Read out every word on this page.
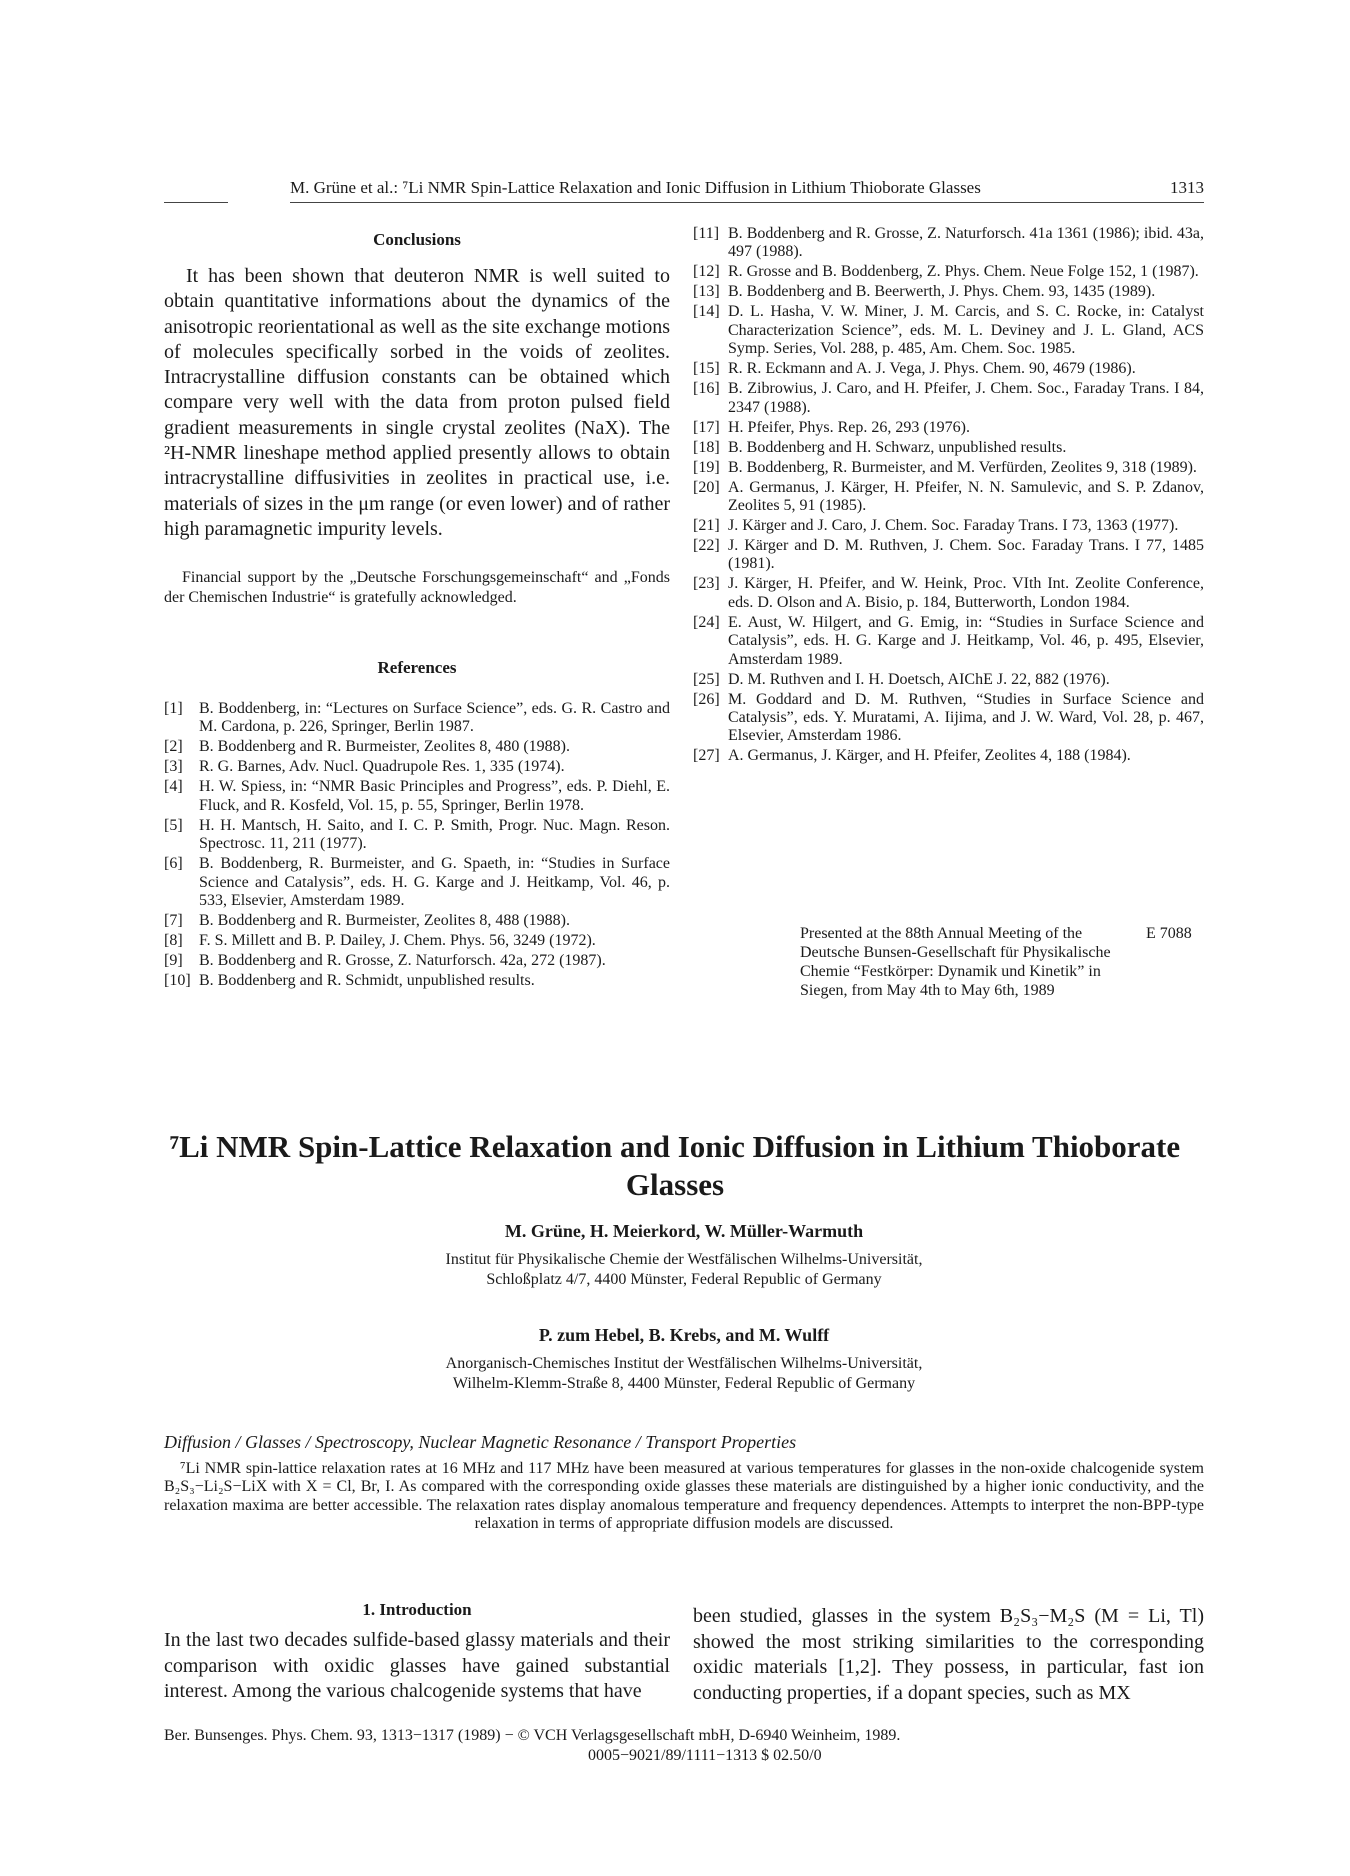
M. Grüne et al.: ⁷Li NMR Spin-Lattice Relaxation and Ionic Diffusion in Lithium Thioborate Glasses	1313
Conclusions

It has been shown that deuteron NMR is well suited to obtain quantitative informations about the dynamics of the anisotropic reorientational as well as the site exchange motions of molecules specifically sorbed in the voids of zeolites. Intracrystalline diffusion constants can be obtained which compare very well with the data from proton pulsed field gradient measurements in single crystal zeolites (NaX). The ²H-NMR lineshape method applied presently allows to obtain intracrystalline diffusivities in zeolites in practical use, i.e. materials of sizes in the μm range (or even lower) and of rather high paramagnetic impurity levels.

Financial support by the „Deutsche Forschungsgemeinschaft“ and „Fonds der Chemischen Industrie“ is gratefully acknowledged.

References

[1] B. Boddenberg, in: “Lectures on Surface Science”, eds. G. R. Castro and M. Cardona, p. 226, Springer, Berlin 1987.

[2] B. Boddenberg and R. Burmeister, Zeolites 8, 480 (1988).

[3] R. G. Barnes, Adv. Nucl. Quadrupole Res. 1, 335 (1974).

[4] H. W. Spiess, in: “NMR Basic Principles and Progress”, eds. P. Diehl, E. Fluck, and R. Kosfeld, Vol. 15, p. 55, Springer, Berlin 1978.

[5] H. H. Mantsch, H. Saito, and I. C. P. Smith, Progr. Nuc. Magn. Reson. Spectrosc. 11, 211 (1977).

[6] B. Boddenberg, R. Burmeister, and G. Spaeth, in: “Studies in Surface Science and Catalysis”, eds. H. G. Karge and J. Heitkamp, Vol. 46, p. 533, Elsevier, Amsterdam 1989.

[7] B. Boddenberg and R. Burmeister, Zeolites 8, 488 (1988).

[8] F. S. Millett and B. P. Dailey, J. Chem. Phys. 56, 3249 (1972).

[9] B. Boddenberg and R. Grosse, Z. Naturforsch. 42a, 272 (1987).

[10] B. Boddenberg and R. Schmidt, unpublished results.

[11] B. Boddenberg and R. Grosse, Z. Naturforsch. 41a 1361 (1986); ibid. 43a, 497 (1988).

[12] R. Grosse and B. Boddenberg, Z. Phys. Chem. Neue Folge 152, 1 (1987).

[13] B. Boddenberg and B. Beerwerth, J. Phys. Chem. 93, 1435 (1989).

[14] D. L. Hasha, V. W. Miner, J. M. Carcis, and S. C. Rocke, in: Catalyst Characterization Science”, eds. M. L. Deviney and J. L. Gland, ACS Symp. Series, Vol. 288, p. 485, Am. Chem. Soc. 1985.

[15] R. R. Eckmann and A. J. Vega, J. Phys. Chem. 90, 4679 (1986).

[16] B. Zibrowius, J. Caro, and H. Pfeifer, J. Chem. Soc., Faraday Trans. I 84, 2347 (1988).

[17] H. Pfeifer, Phys. Rep. 26, 293 (1976).

[18] B. Boddenberg and H. Schwarz, unpublished results.

[19] B. Boddenberg, R. Burmeister, and M. Verfürden, Zeolites 9, 318 (1989).

[20] A. Germanus, J. Kärger, H. Pfeifer, N. N. Samulevic, and S. P. Zdanov, Zeolites 5, 91 (1985).

[21] J. Kärger and J. Caro, J. Chem. Soc. Faraday Trans. I 73, 1363 (1977).

[22] J. Kärger and D. M. Ruthven, J. Chem. Soc. Faraday Trans. I 77, 1485 (1981).

[23] J. Kärger, H. Pfeifer, and W. Heink, Proc. VIth Int. Zeolite Conference, eds. D. Olson and A. Bisio, p. 184, Butterworth, London 1984.

[24] E. Aust, W. Hilgert, and G. Emig, in: “Studies in Surface Science and Catalysis”, eds. H. G. Karge and J. Heitkamp, Vol. 46, p. 495, Elsevier, Amsterdam 1989.

[25] D. M. Ruthven and I. H. Doetsch, AIChE J. 22, 882 (1976).

[26] M. Goddard and D. M. Ruthven, “Studies in Surface Science and Catalysis”, eds. Y. Muratami, A. Iijima, and J. W. Ward, Vol. 28, p. 467, Elsevier, Amsterdam 1986.

[27] A. Germanus, J. Kärger, and H. Pfeifer, Zeolites 4, 188 (1984).

Presented at the 88th Annual Meeting of the Deutsche Bunsen-Gesellschaft für Physikalische Chemie “Festkörper: Dynamik und Kinetik” in Siegen, from May 4th to May 6th, 1989

E 7088
⁷Li NMR Spin-Lattice Relaxation and Ionic Diffusion in Lithium Thioborate Glasses

M. Grüne, H. Meierkord, W. Müller-Warmuth

Institut für Physikalische Chemie der Westfälischen Wilhelms-Universität,

Schloßplatz 4/7, 4400 Münster, Federal Republic of Germany

P. zum Hebel, B. Krebs, and M. Wulff

Anorganisch-Chemisches Institut der Westfälischen Wilhelms-Universität,

Wilhelm-Klemm-Straße 8, 4400 Münster, Federal Republic of Germany

Diffusion / Glasses / Spectroscopy, Nuclear Magnetic Resonance / Transport Properties

⁷Li NMR spin-lattice relaxation rates at 16 MHz and 117 MHz have been measured at various temperatures for glasses in the non-oxide chalcogenide system B₂S₃−Li₂S−LiX with X = Cl, Br, I. As compared with the corresponding oxide glasses these materials are distinguished by a higher ionic conductivity, and the relaxation maxima are better accessible. The relaxation rates display anomalous temperature and frequency dependences. Attempts to interpret the non-BPP-type relaxation in terms of appropriate diffusion models are discussed.

1. Introduction

In the last two decades sulfide-based glassy materials and their comparison with oxidic glasses have gained substantial interest. Among the various chalcogenide systems that have

been studied, glasses in the system B₂S₃−M₂S (M = Li, Tl) showed the most striking similarities to the corresponding oxidic materials [1,2]. They possess, in particular, fast ion conducting properties, if a dopant species, such as MX

Ber. Bunsenges. Phys. Chem. 93, 1313−1317 (1989) − © VCH Verlagsgesellschaft mbH, D-6940 Weinheim, 1989.

0005−9021/89/1111−1313 $ 02.50/0
